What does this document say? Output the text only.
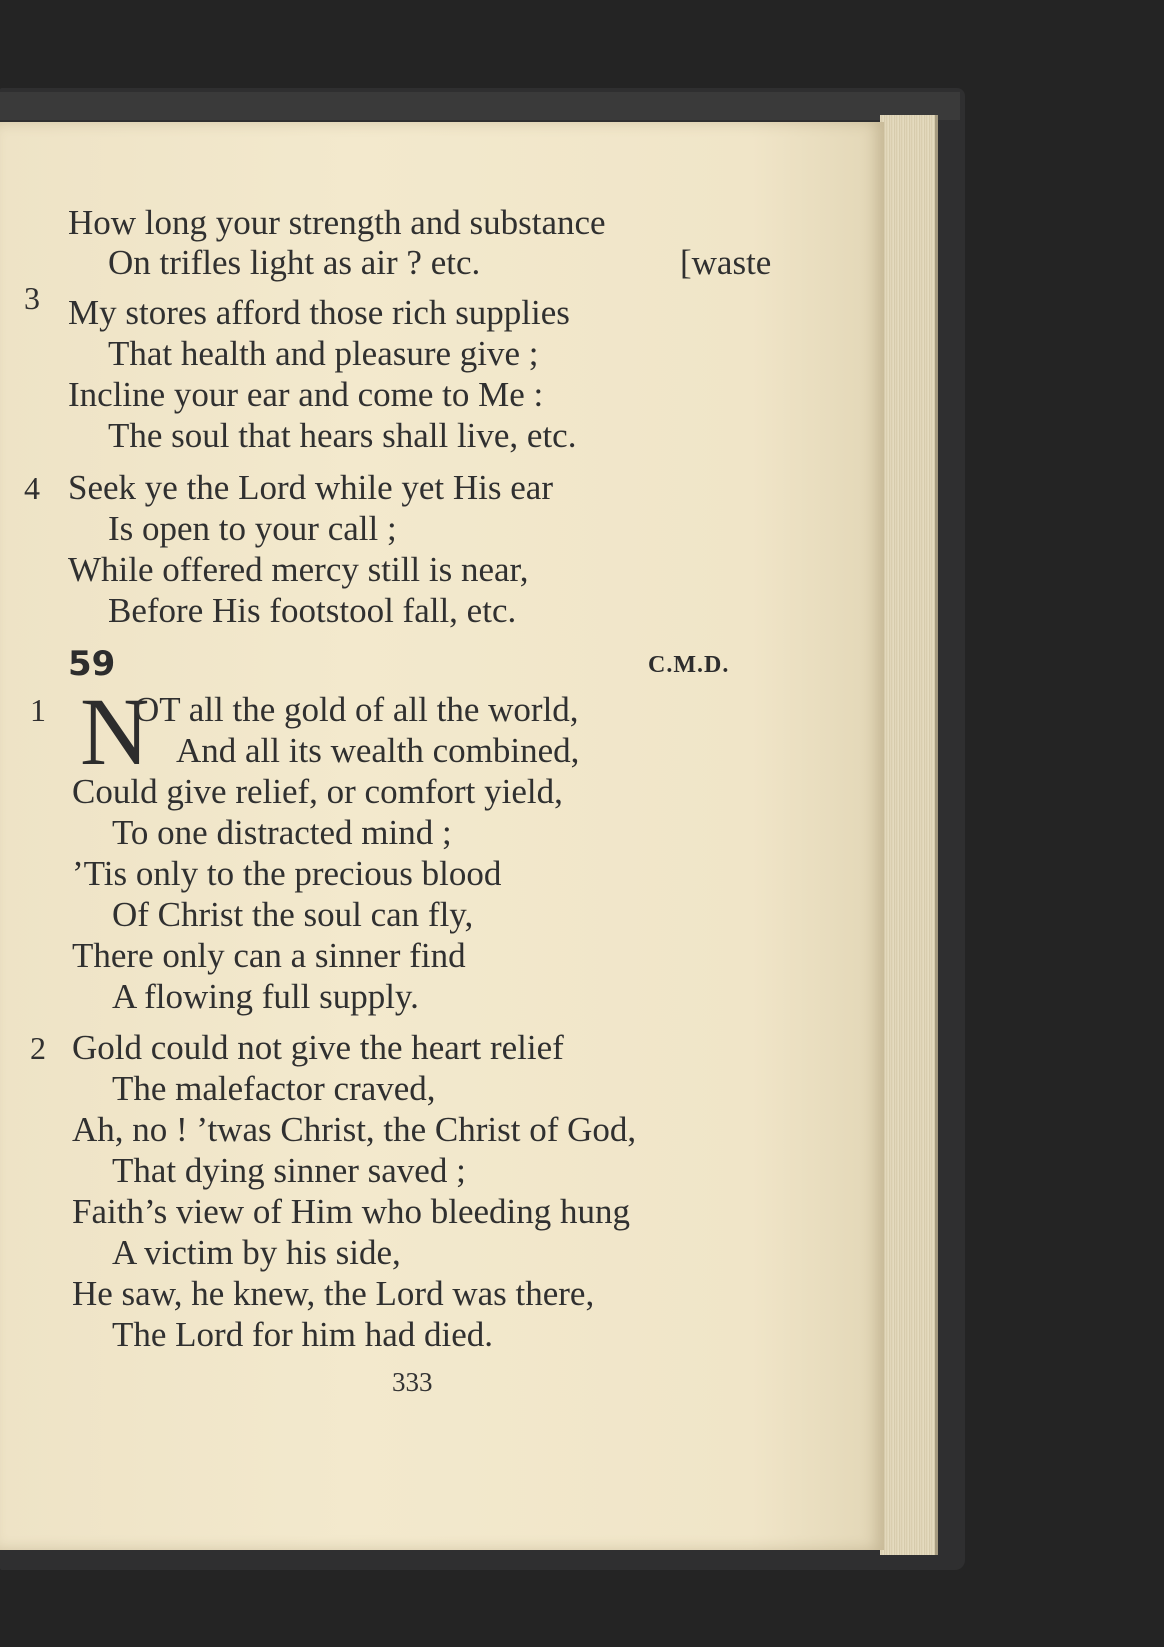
3
4
1
2
How long your strength and substance
On trifles light as air ? etc.	[waste
My stores afford those rich supplies
That health and pleasure give ;
Incline your ear and come to Me :
The soul that hears shall live, etc.
Seek ye the Lord while yet His ear
Is open to your call ;
While offered mercy still is near,
Before His footstool fall, etc.
59	C.M.D.
N
OT all the gold of all the world,
And all its wealth combined,
Could give relief, or comfort yield,
To one distracted mind ;
’Tis only to the precious blood
Of Christ the soul can fly,
There only can a sinner find
A flowing full supply.
Gold could not give the heart relief
The malefactor craved,
Ah, no ! ’twas Christ, the Christ of God,
That dying sinner saved ;
Faith’s view of Him who bleeding hung
A victim by his side,
He saw, he knew, the Lord was there,
The Lord for him had died.
333
